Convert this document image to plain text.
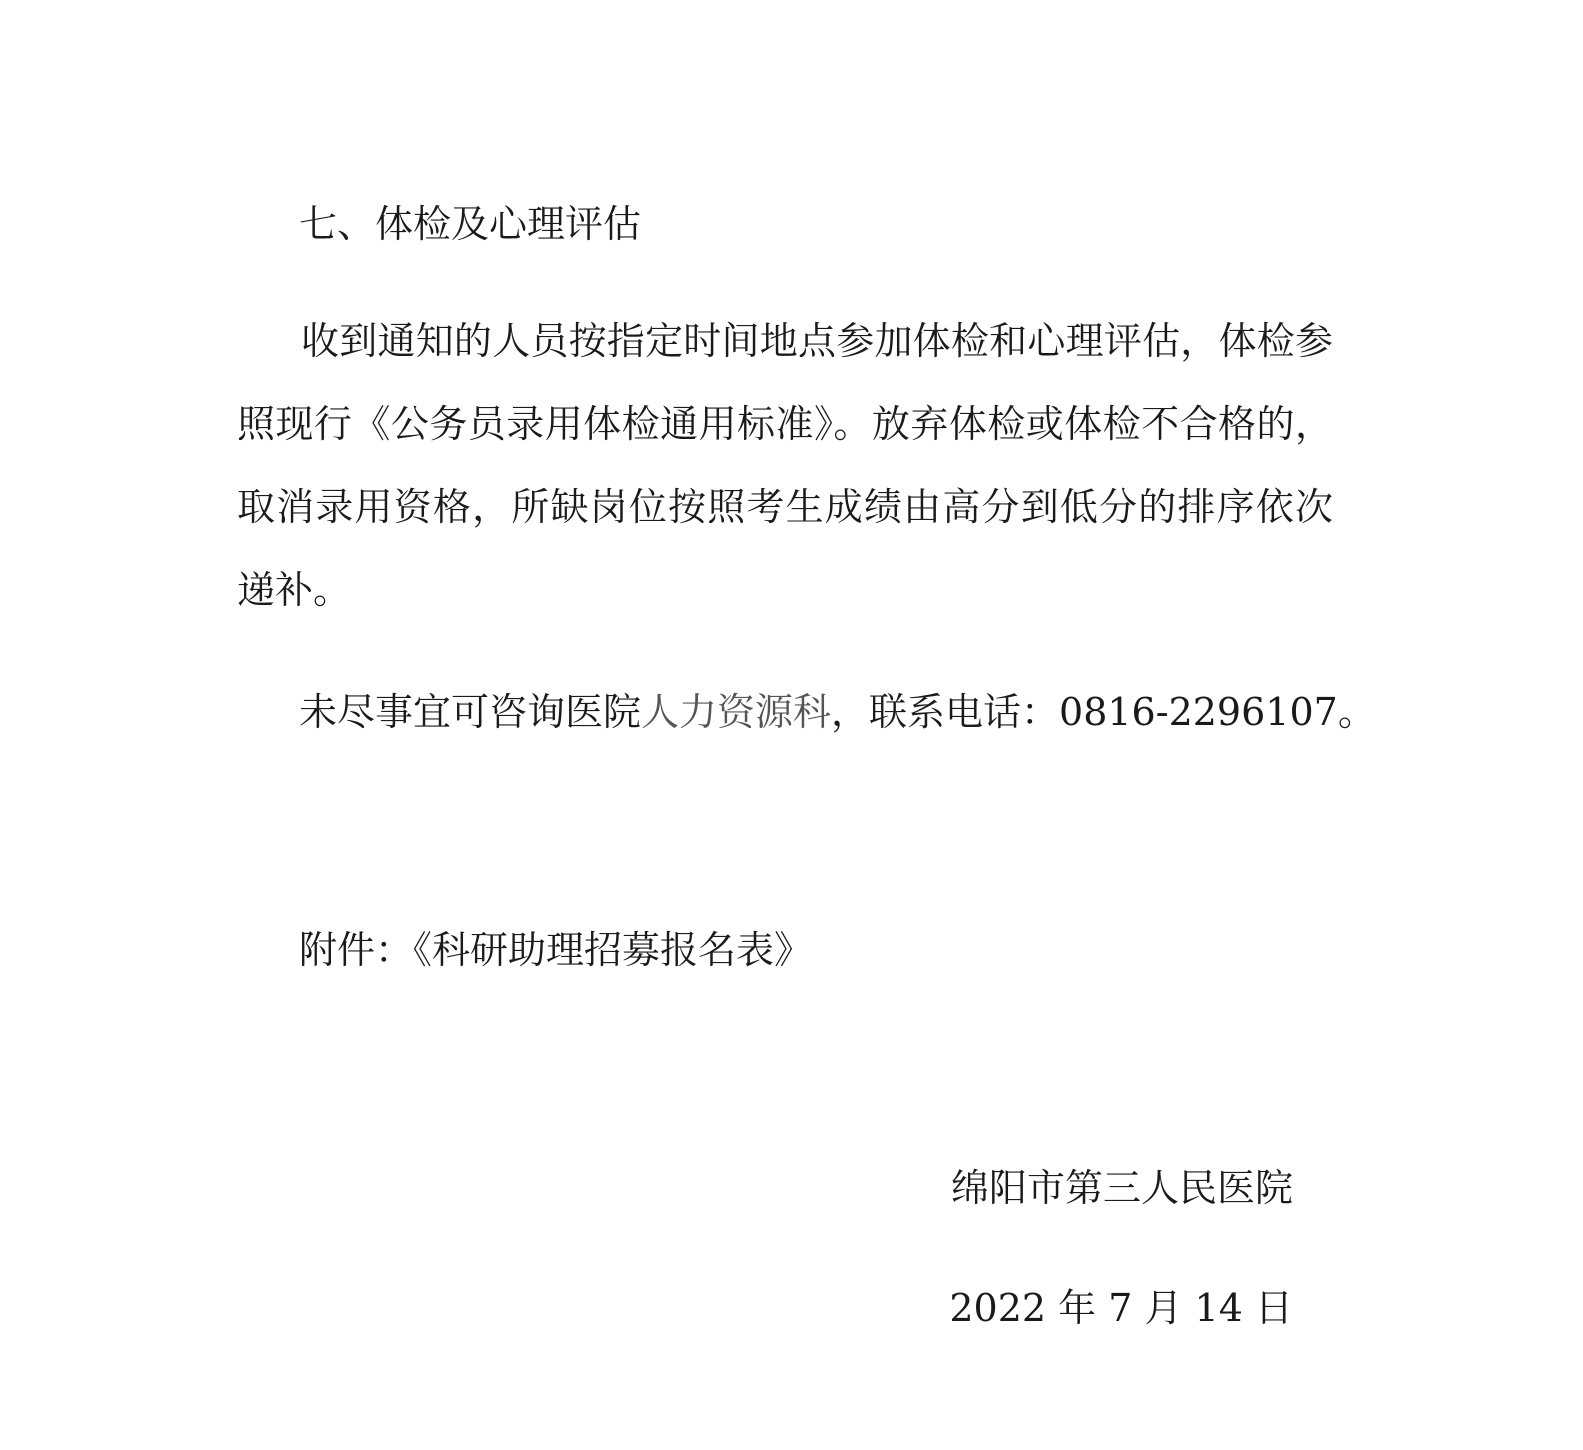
七、体检及心理评估

收到通知的人员按指定时间地点参加体检和心理评估，体检参照现行《公务员录用体检通用标准》。放弃体检或体检不合格的，取消录用资格，所缺岗位按照考生成绩由高分到低分的排序依次递补。

未尽事宜可咨询医院人力资源科，联系电话：0816-2296107。

附件：《科研助理招募报名表》

绵阳市第三人民医院

2022 年 7 月 14 日
